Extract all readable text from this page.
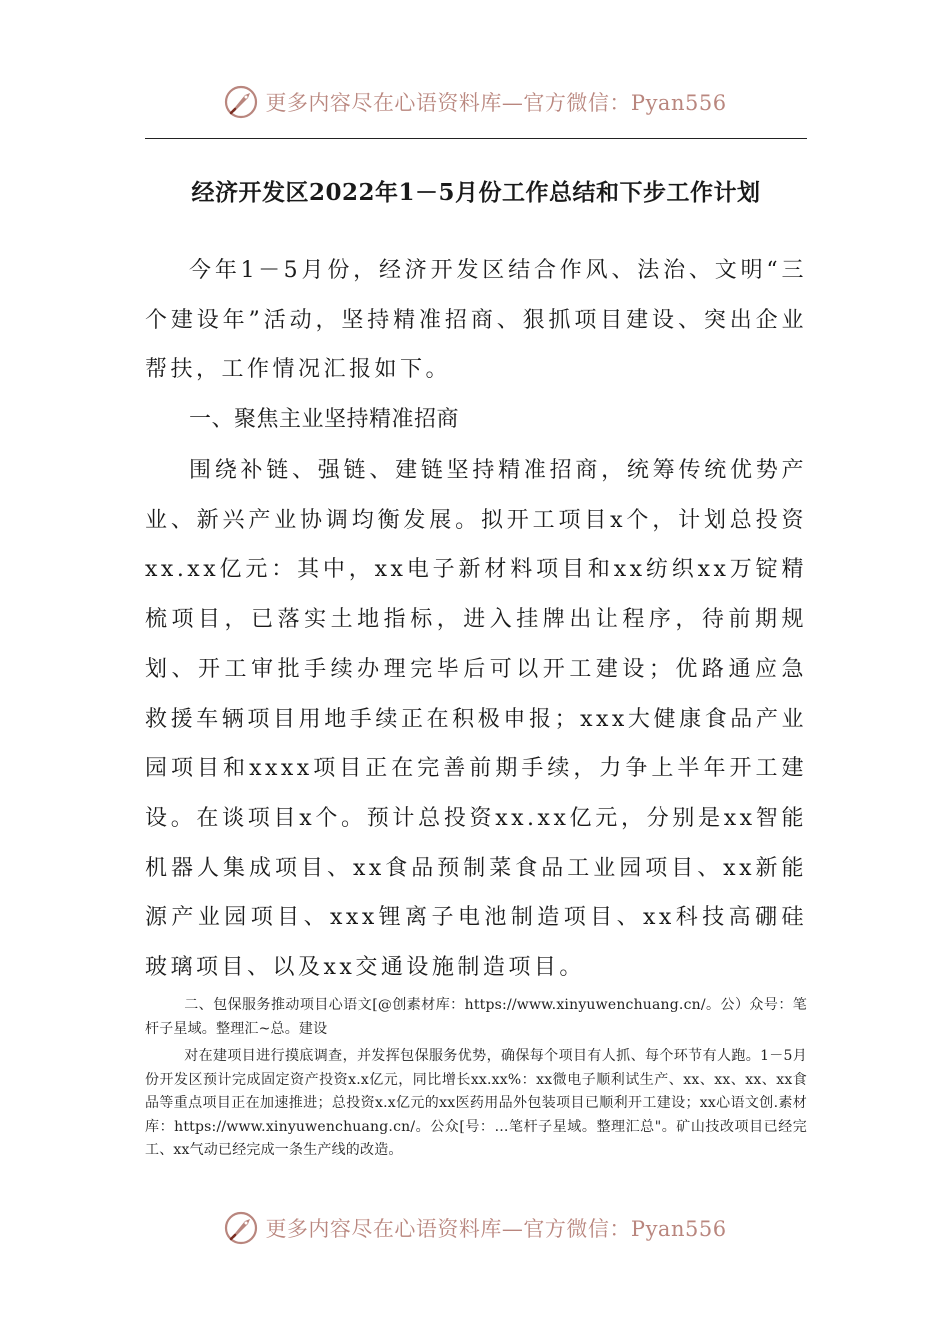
更多内容尽在心语资料库—官方微信：Pyan556
经济开发区2022年1－5月份工作总结和下步工作计划

今年1－5月份，经济开发区结合作风、法治、文明“三个建设年”活动，坚持精准招商、狠抓项目建设、突出企业帮扶，工作情况汇报如下。

一、聚焦主业坚持精准招商

围绕补链、强链、建链坚持精准招商，统筹传统优势产业、新兴产业协调均衡发展。拟开工项目x个，计划总投资xx.xx亿元：其中，xx电子新材料项目和xx纺织xx万锭精梳项目，已落实土地指标，进入挂牌出让程序，待前期规划、开工审批手续办理完毕后可以开工建设；优路通应急救援车辆项目用地手续正在积极申报；xxx大健康食品产业园项目和xxxx项目正在完善前期手续，力争上半年开工建设。在谈项目x个。预计总投资xx.xx亿元，分别是xx智能机器人集成项目、xx食品预制菜食品工业园项目、xx新能源产业园项目、xxx锂离子电池制造项目、xx科技高硼硅玻璃项目、以及xx交通设施制造项目。

二、包保服务推动项目心语文[@创素材库：https://www.xinyuwenchuang.cn/。公）众号：笔杆子星域。整理汇~总。建设

对在建项目进行摸底调查，并发挥包保服务优势，确保每个项目有人抓、每个环节有人跑。1－5月份开发区预计完成固定资产投资x.x亿元，同比增长xx.xx%：xx微电子顺利试生产、xx、xx、xx、xx食品等重点项目正在加速推进；总投资x.x亿元的xx医药用品外包装项目已顺利开工建设；xx心语文创.素材库：https://www.xinyuwenchuang.cn/。公众[号：…笔杆子星域。整理汇总"。矿山技改项目已经完工、xx气动已经完成一条生产线的改造。

更多内容尽在心语资料库—官方微信：Pyan556
